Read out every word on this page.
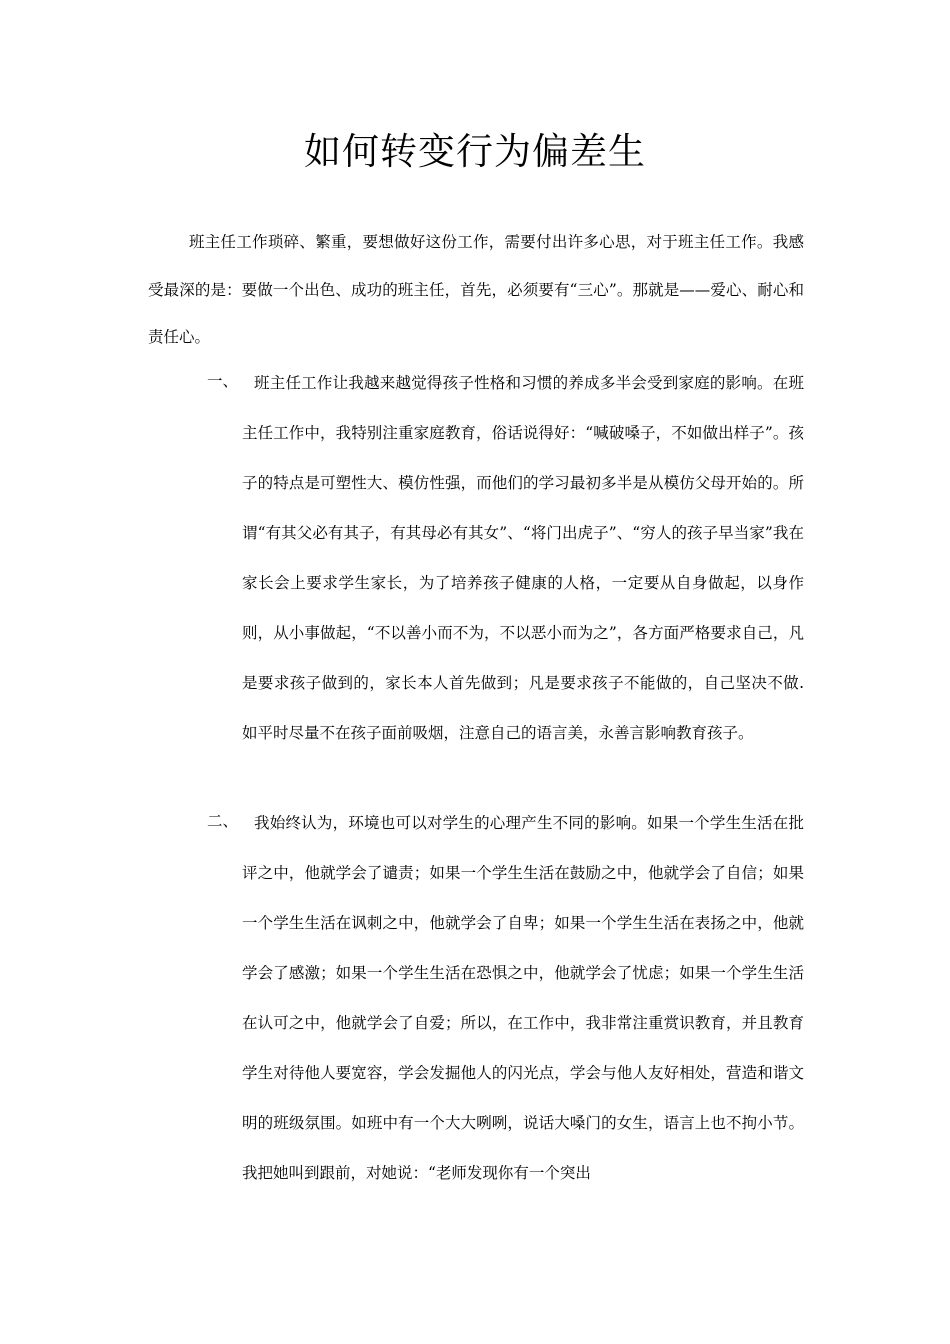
如何转变行为偏差生

班主任工作琐碎、繁重，要想做好这份工作，需要付出许多心思，对于班主任工作。我感受最深的是：要做一个出色、成功的班主任，首先，必须要有“三心”。那就是——爱心、耐心和责任心。

一、	班主任工作让我越来越觉得孩子性格和习惯的养成多半会受到家庭的影响。在班主任工作中，我特别注重家庭教育，俗话说得好：“喊破嗓子，不如做出样子”。孩子的特点是可塑性大、模仿性强，而他们的学习最初多半是从模仿父母开始的。所谓“有其父必有其子，有其母必有其女”、“将门出虎子”、“穷人的孩子早当家”我在家长会上要求学生家长，为了培养孩子健康的人格，一定要从自身做起，以身作则，从小事做起，“不以善小而不为，不以恶小而为之”，各方面严格要求自己，凡是要求孩子做到的，家长本人首先做到；凡是要求孩子不能做的，自己坚决不做.如平时尽量不在孩子面前吸烟，注意自己的语言美，永善言影响教育孩子。

二、	我始终认为，环境也可以对学生的心理产生不同的影响。如果一个学生生活在批评之中，他就学会了谴责；如果一个学生生活在鼓励之中，他就学会了自信；如果一个学生生活在讽刺之中，他就学会了自卑；如果一个学生生活在表扬之中，他就学会了感激；如果一个学生生活在恐惧之中，他就学会了忧虑；如果一个学生生活在认可之中，他就学会了自爱；所以，在工作中，我非常注重赏识教育，并且教育学生对待他人要宽容，学会发掘他人的闪光点，学会与他人友好相处，营造和谐文明的班级氛围。如班中有一个大大咧咧，说话大嗓门的女生，语言上也不拘小节。我把她叫到跟前，对她说：“老师发现你有一个突出
